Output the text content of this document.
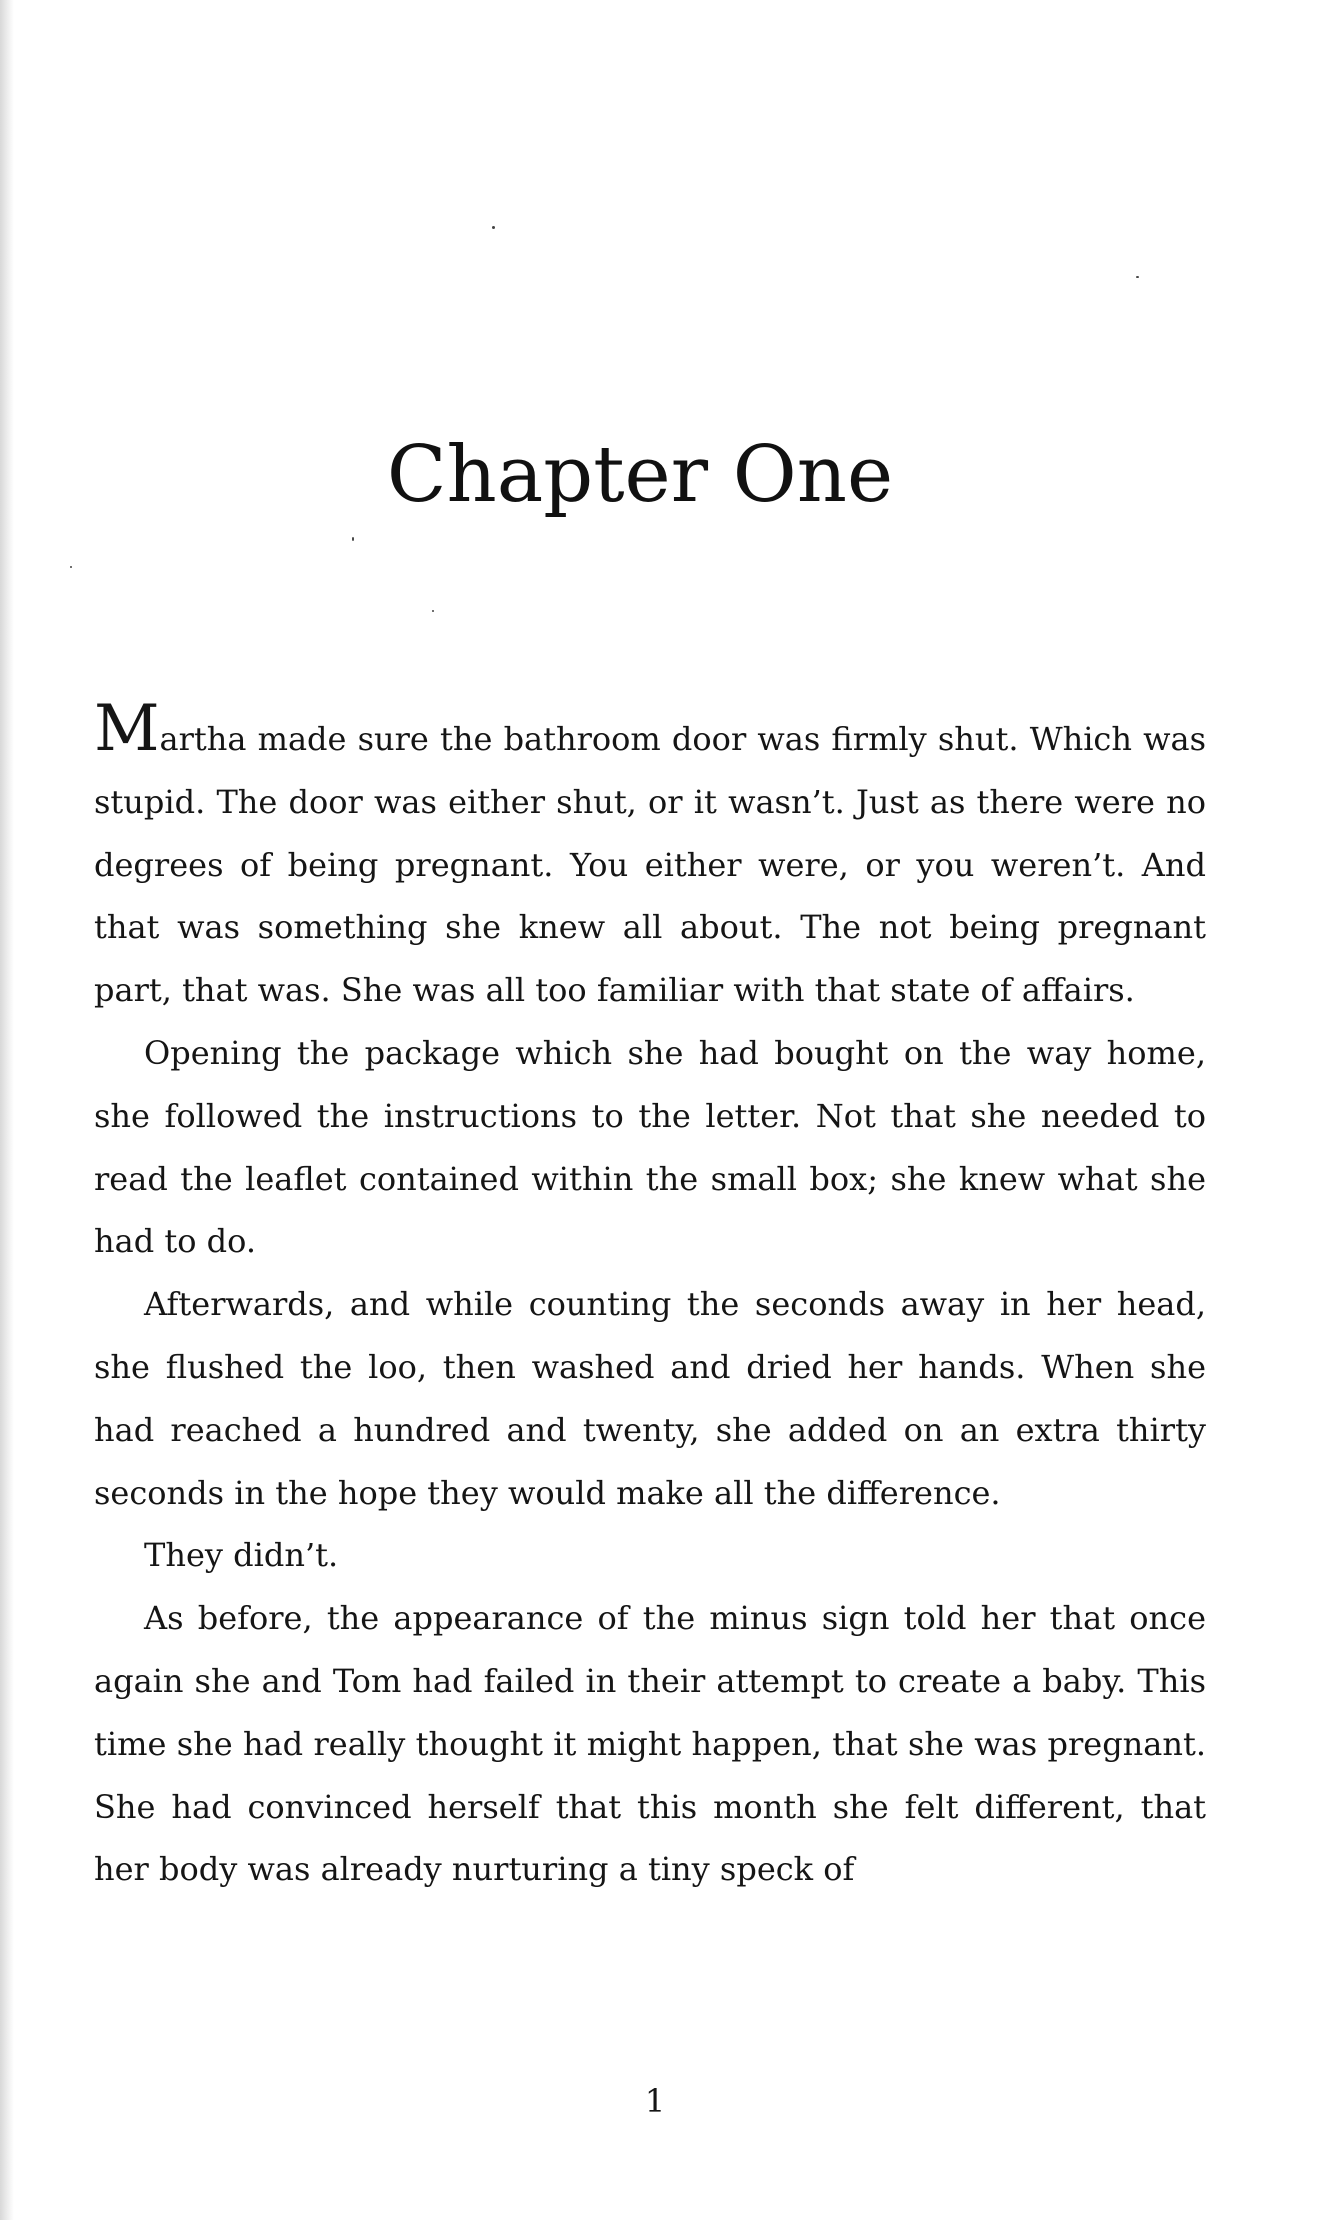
Chapter One

Martha made sure the bathroom door was firmly shut. Which was stupid. The door was either shut, or it wasn’t. Just as there were no degrees of being pregnant. You either were, or you weren’t. And that was something she knew all about. The not being pregnant part, that was. She was all too familiar with that state of affairs.

Opening the package which she had bought on the way home, she followed the instructions to the letter. Not that she needed to read the leaflet contained within the small box; she knew what she had to do.

Afterwards, and while counting the seconds away in her head, she flushed the loo, then washed and dried her hands. When she had reached a hundred and twenty, she added on an extra thirty seconds in the hope they would make all the difference.

They didn’t.

As before, the appearance of the minus sign told her that once again she and Tom had failed in their attempt to create a baby. This time she had really thought it might happen, that she was pregnant. She had convinced herself that this month she felt different, that her body was already nurturing a tiny speck of

1
